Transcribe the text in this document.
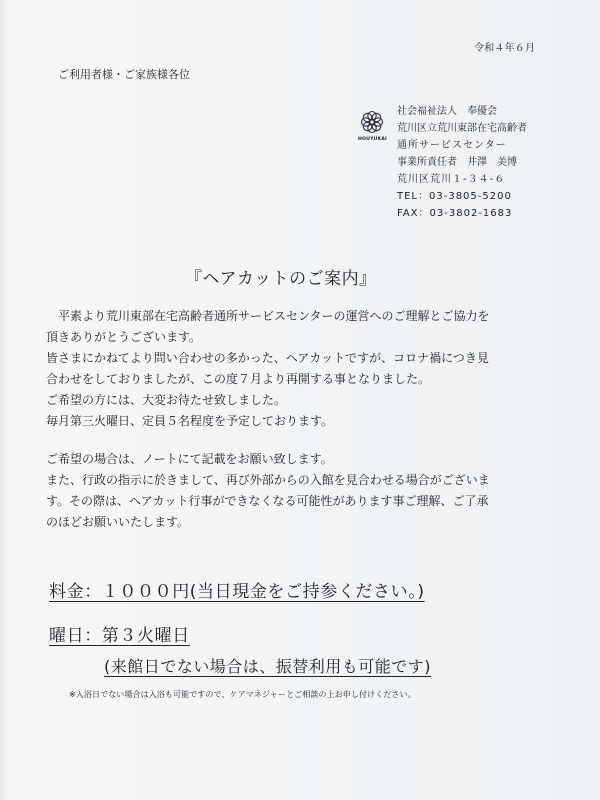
令和４年６月
ご利用者様・ご家族様各位
HOUYUKAI
社会福祉法人　奉優会
荒川区立荒川東部在宅高齢者
通所サービスセンター
事業所責任者　井澤　美博
荒川区荒川１-３４-６
TEL：03-3805-5200
FAX：03-3802-1683
『ヘアカットのご案内』
　平素より荒川東部在宅高齢者通所サービスセンターの運営へのご理解とご協力を
頂きありがとうございます。
皆さまにかねてより問い合わせの多かった、ヘアカットですが、コロナ禍につき見
合わせをしておりましたが、この度７月より再開する事となりました。
ご希望の方には、大変お待たせ致しました。
毎月第三火曜日、定員５名程度を予定しております。
ご希望の場合は、ノートにて記載をお願い致します。
また、行政の指示に於きまして、再び外部からの入館を見合わせる場合がございま
す。その際は、ヘアカット行事ができなくなる可能性があります事ご理解、ご了承
のほどお願いいたします。
料金：１０００円(当日現金をご持参ください。)
曜日：第３火曜日
(来館日でない場合は、振替利用も可能です)
※入浴日でない場合は入浴も可能ですので、ケアマネジャーとご相談の上お申し付けください。
